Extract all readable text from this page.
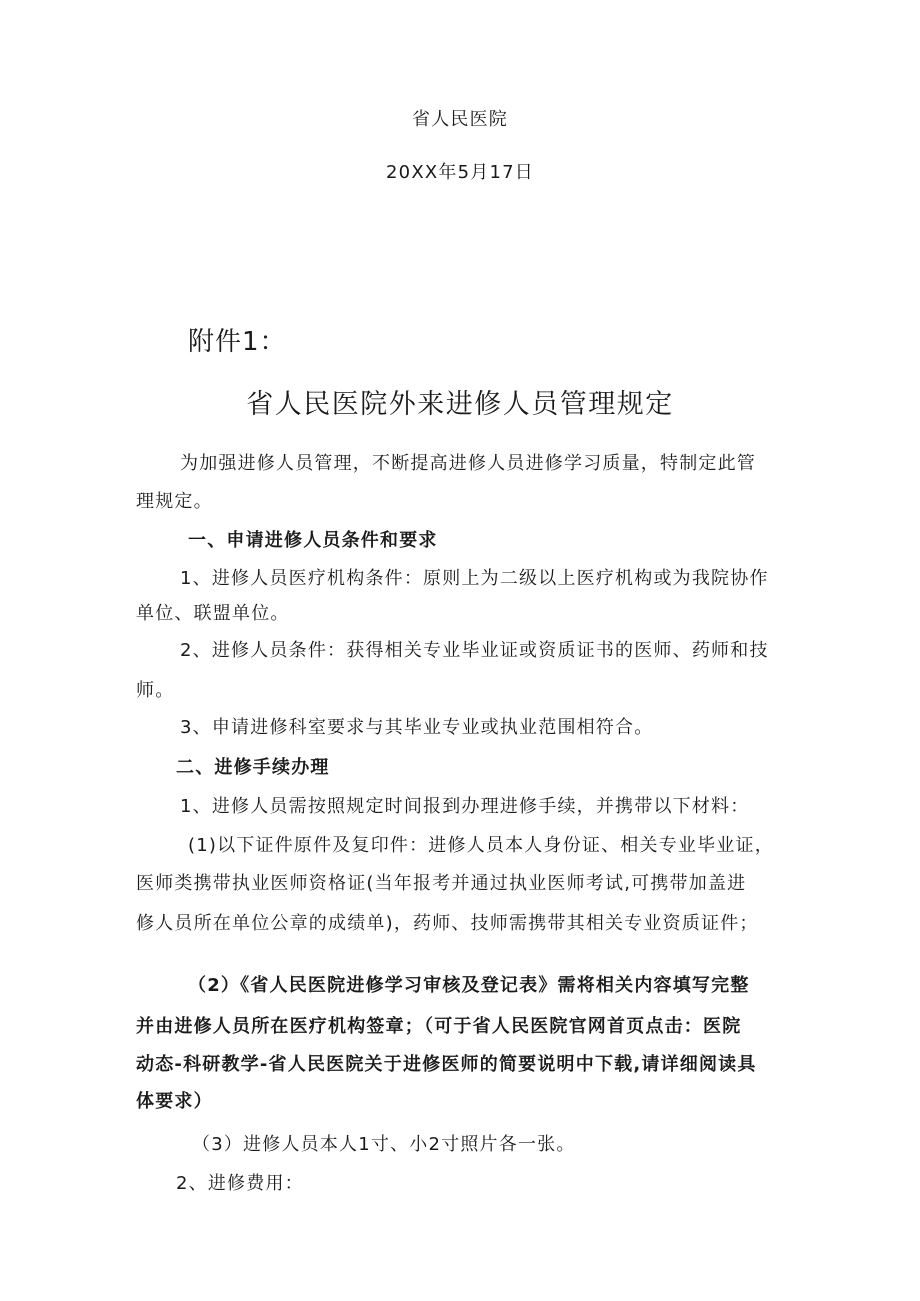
省人民医院
20XX年5月17日
附件1：
省人民医院外来进修人员管理规定
为加强进修人员管理，不断提高进修人员进修学习质量，特制定此管
理规定。
一、申请进修人员条件和要求
1、进修人员医疗机构条件：原则上为二级以上医疗机构或为我院协作
单位、联盟单位。
2、进修人员条件：获得相关专业毕业证或资质证书的医师、药师和技
师。
3、申请进修科室要求与其毕业专业或执业范围相符合。
二、进修手续办理
1、进修人员需按照规定时间报到办理进修手续，并携带以下材料：
(1)以下证件原件及复印件：进修人员本人身份证、相关专业毕业证，
医师类携带执业医师资格证(当年报考并通过执业医师考试,可携带加盖进
修人员所在单位公章的成绩单)，药师、技师需携带其相关专业资质证件；
（2）《省人民医院进修学习审核及登记表》需将相关内容填写完整
并由进修人员所在医疗机构签章；（可于省人民医院官网首页点击：医院
动态-科研教学-省人民医院关于进修医师的简要说明中下载,请详细阅读具
体要求）
（3）进修人员本人1寸、小2寸照片各一张。
2、进修费用：
